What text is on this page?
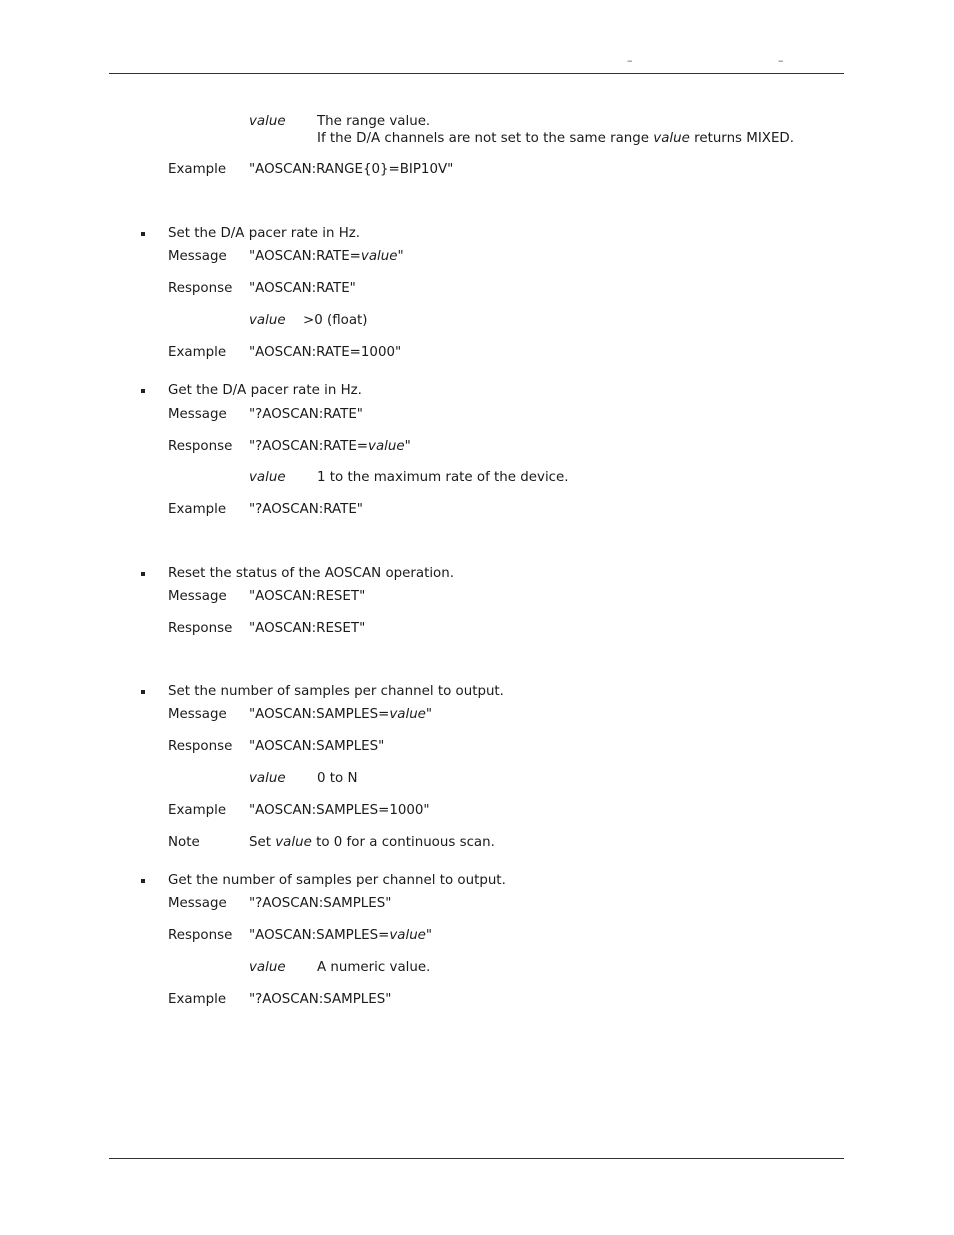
–	–
value The range value.
If the D/A channels are not set to the same range value returns MIXED.
Example "AOSCAN:RANGE{0}=BIP10V"
Set the D/A pacer rate in Hz.
Message "AOSCAN:RATE=value"
Response "AOSCAN:RATE"
value >0 (float)
Example "AOSCAN:RATE=1000"
Get the D/A pacer rate in Hz.
Message "?AOSCAN:RATE"
Response "?AOSCAN:RATE=value"
value 1 to the maximum rate of the device.
Example "?AOSCAN:RATE"
Reset the status of the AOSCAN operation.
Message "AOSCAN:RESET"
Response "AOSCAN:RESET"
Set the number of samples per channel to output.
Message "AOSCAN:SAMPLES=value"
Response "AOSCAN:SAMPLES"
value 0 to N
Example "AOSCAN:SAMPLES=1000"
Note	Set value to 0 for a continuous scan.
Get the number of samples per channel to output.
Message "?AOSCAN:SAMPLES"
Response "AOSCAN:SAMPLES=value"
value A numeric value.
Example "?AOSCAN:SAMPLES"
